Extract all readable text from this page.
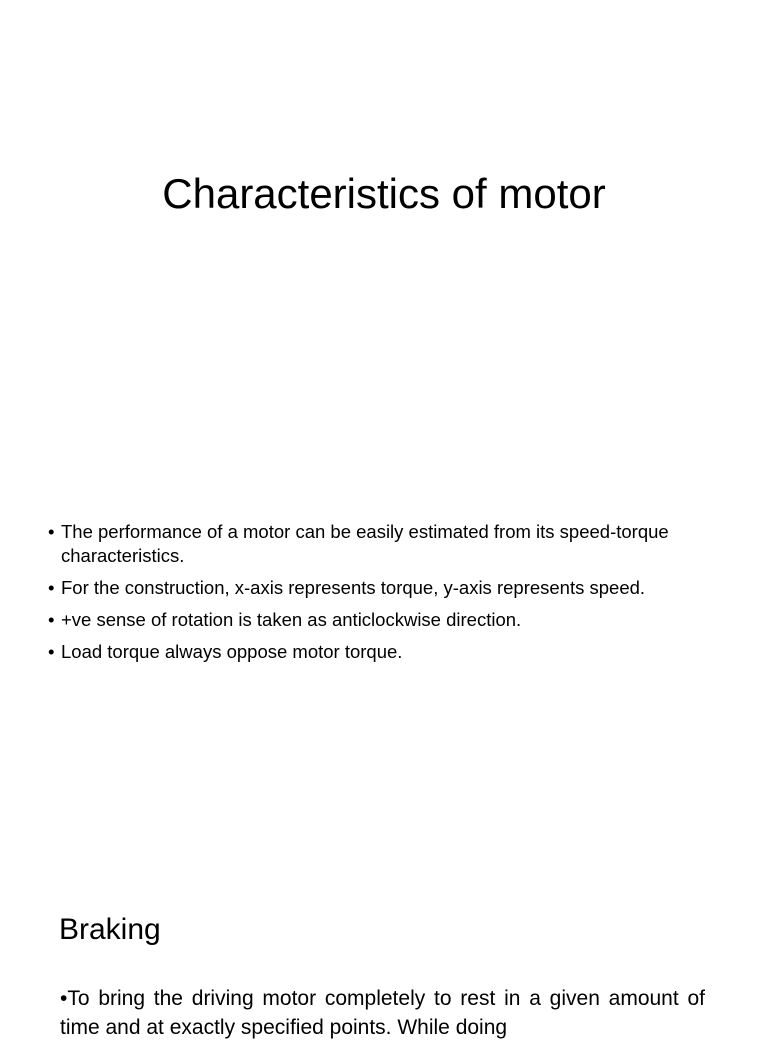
Characteristics of motor
• The performance of a motor can be easily estimated from its speed-torque characteristics.
• For the construction, x-axis represents torque, y-axis represents speed.
• +ve sense of rotation is taken as anticlockwise direction.
• Load torque always oppose motor torque.
Braking

•To bring the driving motor completely to rest in a given amount of time and at exactly specified points. While doing
